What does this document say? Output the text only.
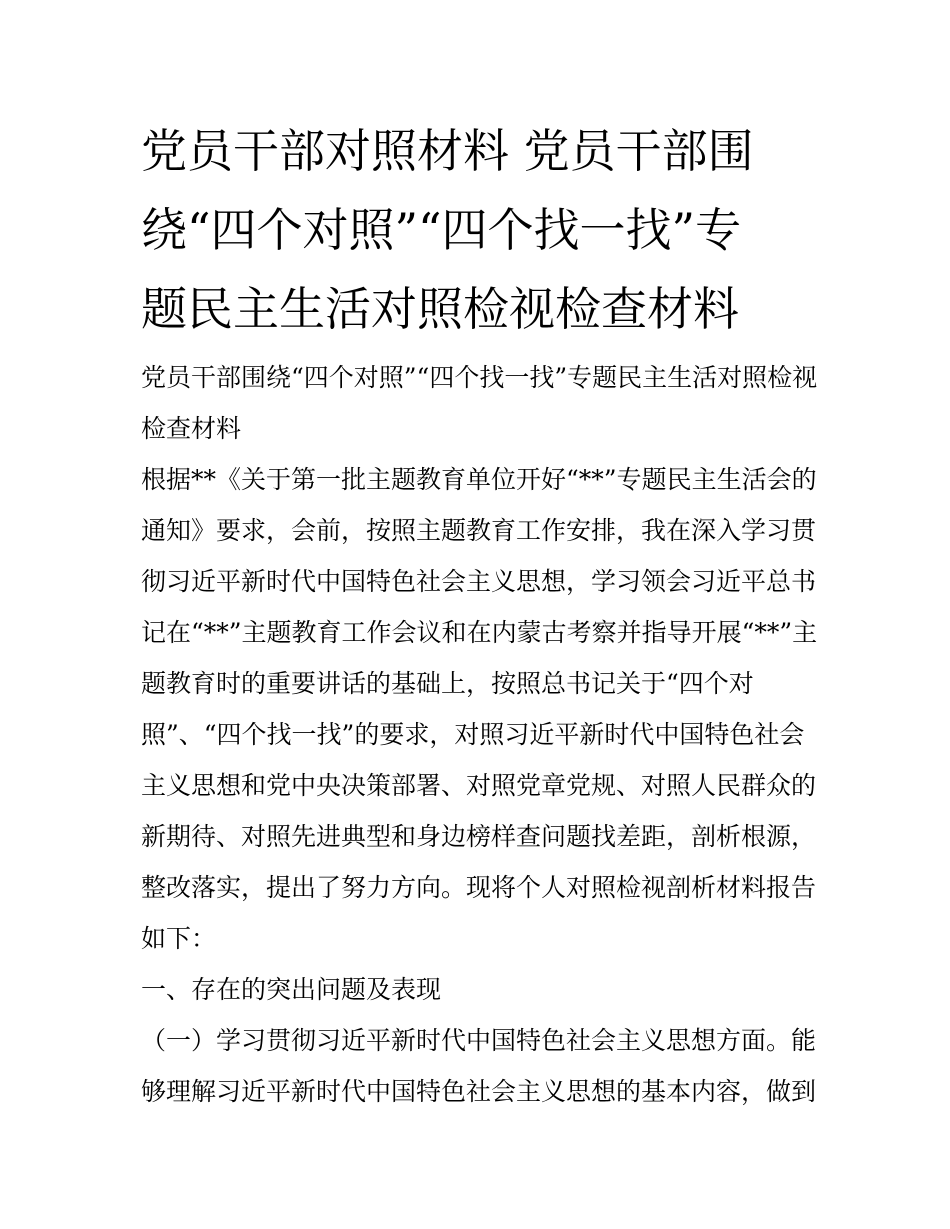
党员干部对照材料 党员干部围
绕“四个对照”“四个找一找”专
题民主生活对照检视检查材料
党员干部围绕“四个对照”“四个找一找”专题民主生活对照检视
检查材料
根据**《关于第一批主题教育单位开好“**”专题民主生活会的
通知》要求，会前，按照主题教育工作安排，我在深入学习贯
彻习近平新时代中国特色社会主义思想，学习领会习近平总书
记在“**”主题教育工作会议和在内蒙古考察并指导开展“**”主
题教育时的重要讲话的基础上，按照总书记关于“四个对
照”、“四个找一找”的要求，对照习近平新时代中国特色社会
主义思想和党中央决策部署、对照党章党规、对照人民群众的
新期待、对照先进典型和身边榜样查问题找差距，剖析根源，
整改落实，提出了努力方向。现将个人对照检视剖析材料报告
如下：
一、存在的突出问题及表现
（一）学习贯彻习近平新时代中国特色社会主义思想方面。能
够理解习近平新时代中国特色社会主义思想的基本内容，做到
